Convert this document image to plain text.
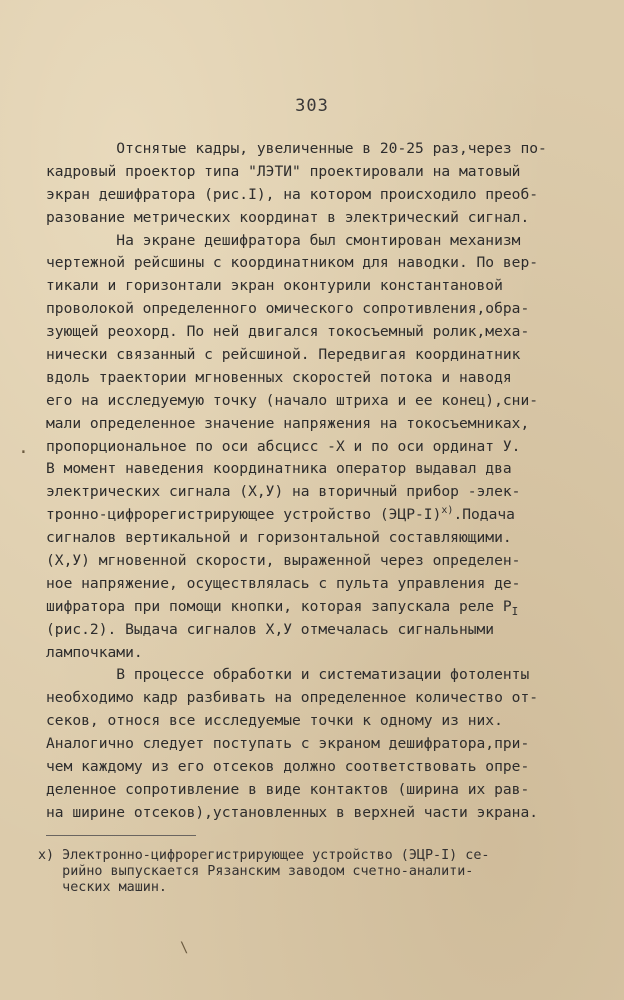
303
Отснятые кадры, увеличенные в 20-25 раз,через по-
кадровый проектор типа "ЛЭТИ" проектировали на матовый
экран дешифратора (рис.I), на котором происходило преоб-
разование метрических координат в электрический сигнал.
На экране дешифратора был смонтирован механизм
чертежной рейсшины с координатником для наводки. По вер-
тикали и горизонтали экран оконтурили константановой
проволокой определенного омического сопротивления,обра-
зующей реохорд. По ней двигался токосъемный ролик,меха-
нически связанный с рейсшиной. Передвигая координатник
вдоль траектории мгновенных скоростей потока и наводя
его на исследуемую точку (начало штриха и ее конец),сни-
мали определенное значение напряжения на токосъемниках,
пропорциональное по оси абсцисс -Х и по оси ординат У.
В момент наведения координатника оператор выдавал два
электрических сигнала (Х,У) на вторичный прибор -элек-
тронно-цифрорегистрирующее устройство $(ЭЦР-I)^{x)}.Подача$
сигналов вертикальной и горизонтальной составляющими.
(Х,У) мгновенной скорости, выраженной через определен-
ное напряжение, осуществлялась с пульта управления де-
шифратора при помощи кнопки, которая запускала реле $Р_I$
(рис.2). Выдача сигналов Х,У отмечалась сигнальными
лампочками.
В процессе обработки и систематизации фотоленты
необходимо кадр разбивать на определенное количество от-
секов, относя все исследуемые точки к одному из них.
Аналогично следует поступать с экраном дешифратора,при-
чем каждому из его отсеков должно соответствовать опре-
деленное сопротивление в виде контактов (ширина их рав-
на ширине отсеков),установленных в верхней части экрана.
x) Электронно-цифрорегистрирующее устройство (ЭЦР-I) се-
рийно выпускается Рязанским заводом счетно-аналити-
ческих машин.
·
\
